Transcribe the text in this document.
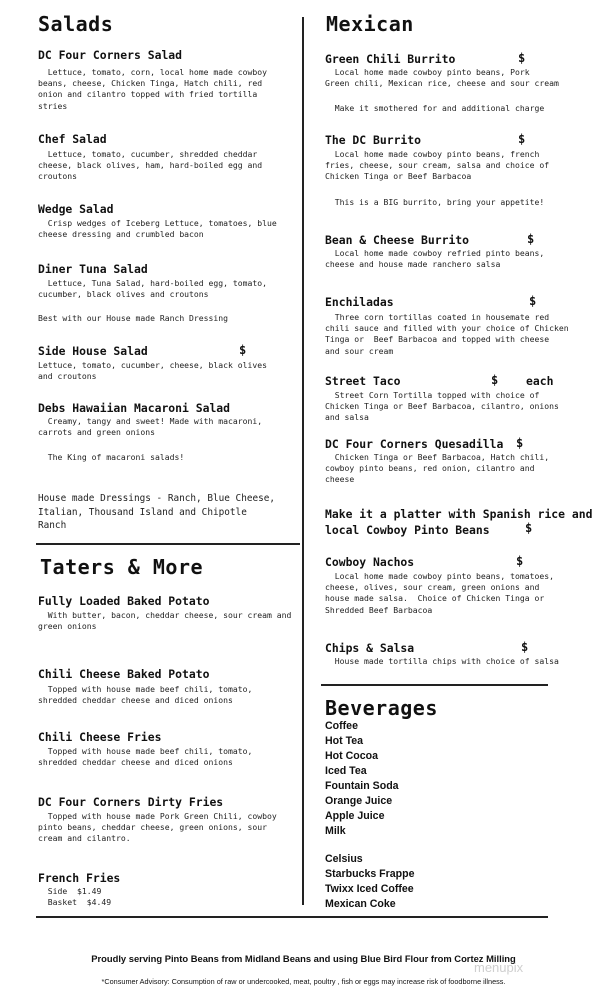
Salads
DC Four Corners Salad
Lettuce, tomato, corn, local home made cowboy
beans, cheese, Chicken Tinga, Hatch chili, red
onion and cilantro topped with fried tortilla
stries
Chef Salad
Lettuce, tomato, cucumber, shredded cheddar
cheese, black olives, ham, hard-boiled egg and
croutons
Wedge Salad
Crisp wedges of Iceberg Lettuce, tomatoes, blue
cheese dressing and crumbled bacon
Diner Tuna Salad
Lettuce, Tuna Salad, hard-boiled egg, tomato,
cucumber, black olives and croutons
Best with our House made Ranch Dressing
Side House Salad	$
Lettuce, tomato, cucumber, cheese, black olives
and croutons
Debs Hawaiian Macaroni Salad
Creamy, tangy and sweet! Made with macaroni,
carrots and green onions
The King of macaroni salads!
House made Dressings - Ranch, Blue Cheese,
Italian, Thousand Island and Chipotle
Ranch
Taters & More
Fully Loaded Baked Potato
With butter, bacon, cheddar cheese, sour cream and
green onions
Chili Cheese Baked Potato
Topped with house made beef chili, tomato,
shredded cheddar cheese and diced onions
Chili Cheese Fries
Topped with house made beef chili, tomato,
shredded cheddar cheese and diced onions
DC Four Corners Dirty Fries
Topped with house made Pork Green Chili, cowboy
pinto beans, cheddar cheese, green onions, sour
cream and cilantro.
French Fries
Side  $1.49
Basket  $4.49
Mexican
Green Chili Burrito	$
Local home made cowboy pinto beans, Pork
Green chili, Mexican rice, cheese and sour cream
Make it smothered for and additional charge
The DC Burrito	$
Local home made cowboy pinto beans, french
fries, cheese, sour cream, salsa and choice of
Chicken Tinga or Beef Barbacoa
This is a BIG burrito, bring your appetite!
Bean & Cheese Burrito	$
Local home made cowboy refried pinto beans,
cheese and house made ranchero salsa
Enchiladas	$
Three corn tortillas coated in housemate red
chili sauce and filled with your choice of Chicken
Tinga or  Beef Barbacoa and topped with cheese
and sour cream
Street Taco	$ each
Street Corn Tortilla topped with choice of
Chicken Tinga or Beef Barbacoa, cilantro, onions
and salsa
DC Four Corners Quesadilla $
Chicken Tinga or Beef Barbacoa, Hatch chili,
cowboy pinto beans, red onion, cilantro and
cheese
Make it a platter with Spanish rice and
local Cowboy Pinto Beans	$
Cowboy Nachos	$
Local home made cowboy pinto beans, tomatoes,
cheese, olives, sour cream, green onions and
house made salsa.  Choice of Chicken Tinga or
Shredded Beef Barbacoa
Chips & Salsa	$
House made tortilla chips with choice of salsa
Beverages
Coffee
Hot Tea
Hot Cocoa
Iced Tea
Fountain Soda
Orange Juice
Apple Juice
Milk
Celsius
Starbucks Frappe
Twixx Iced Coffee
Mexican Coke
Proudly serving Pinto Beans from Midland Beans and using Blue Bird Flour from Cortez Milling
*Consumer Advisory: Consumption of raw or undercooked, meat, poultry , fish or eggs may increase risk of foodborne illness.
menupix
